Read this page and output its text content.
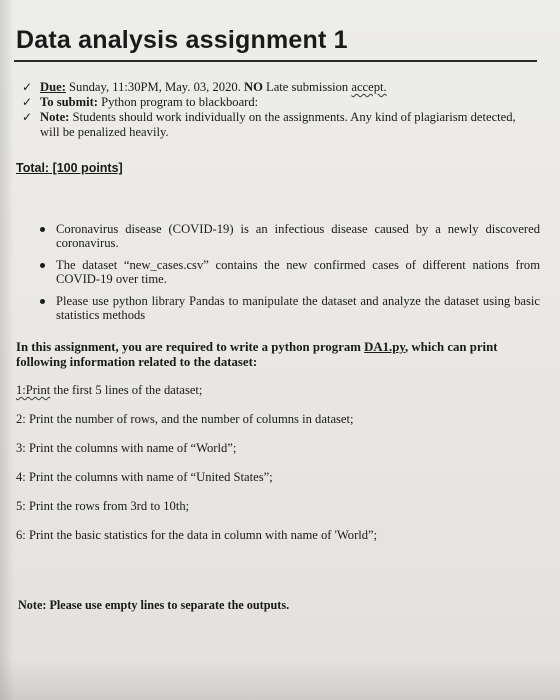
Data analysis assignment 1
✓ Due: Sunday, 11:30PM, May. 03, 2020. NO Late submission accept.
✓ To submit: Python program to blackboard:
✓ Note: Students should work individually on the assignments. Any kind of plagiarism detected, will be penalized heavily.

Total: [100 points]

Coronavirus disease (COVID-19) is an infectious disease caused by a newly discovered coronavirus.
The dataset “new_cases.csv” contains the new confirmed cases of different nations from COVID-19 over time.
Please use python library Pandas to manipulate the dataset and analyze the dataset using basic statistics methods

In this assignment, you are required to write a python program DA1.py, which can print following information related to the dataset:

1:Print the first 5 lines of the dataset;
2: Print the number of rows, and the number of columns in dataset;
3: Print the columns with name of “World”;
4: Print the columns with name of “United States”;
5: Print the rows from 3rd to 10th;
6: Print the basic statistics for the data in column with name of 'World”;

Note: Please use empty lines to separate the outputs.
